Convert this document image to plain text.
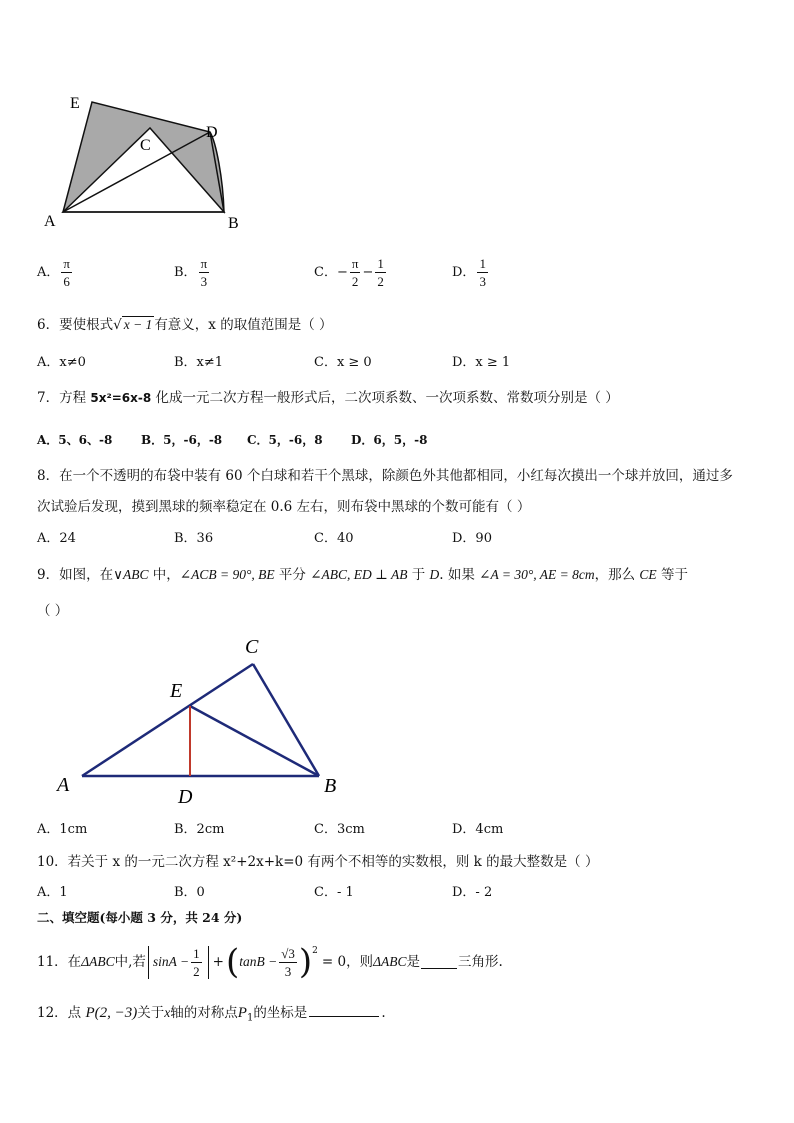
E
C
D
A	B
A． $\frac{\pi}{6}$	B． $\frac{\pi}{3}$	C．− $\frac{\pi}{2} - \frac{1}{2}$	D． $\frac{1}{3}$
6．要使根式√ x − 1 有意义，x 的取值范围是（ ）
A．x≠0	B．x≠1	C．x ≥ 0	D．x ≥ 1
7．方程 5x²=6x-8 化成一元二次方程一般形式后，二次项系数、一次项系数、常数项分别是（ ）
A．5、6、-8 B．5，-6，-8 C．5，-6，8 D．6，5，-8
8．在一个不透明的布袋中装有 60 个白球和若干个黑球，除颜色外其他都相同，小红每次摸出一个球并放回，通过多
次试验后发现，摸到黑球的频率稳定在 0.6 左右，则布袋中黑球的个数可能有（ ）
A．24	B．36	C．40	D．90
9．如图，在∨ABC 中，∠ACB = 90°, BE 平分 ∠ABC, ED ⊥ AB 于 D. 如果 ∠A = 30°, AE = 8cm，那么 CE 等于
（ ）
C
E
A
D	B
A．1cm	B．2cm	C．3cm	D．4cm
10．若关于 x 的一元二次方程 x²+2x+k=0 有两个不相等的实数根，则 k 的最大整数是（ ）
A．1	B．0	C．- 1	D．- 2
二、填空题(每小题 3 分，共 24 分)
11．在 ΔABC 中,若 $\sin A - \frac{1}{2}$ + ( $\tan B - \frac{√3}{3}$ ) 2
= 0 ，则 ΔABC 是	三角形.
12．点 P(2, −3)关于x轴的对称点$P_1$的坐标是	.
